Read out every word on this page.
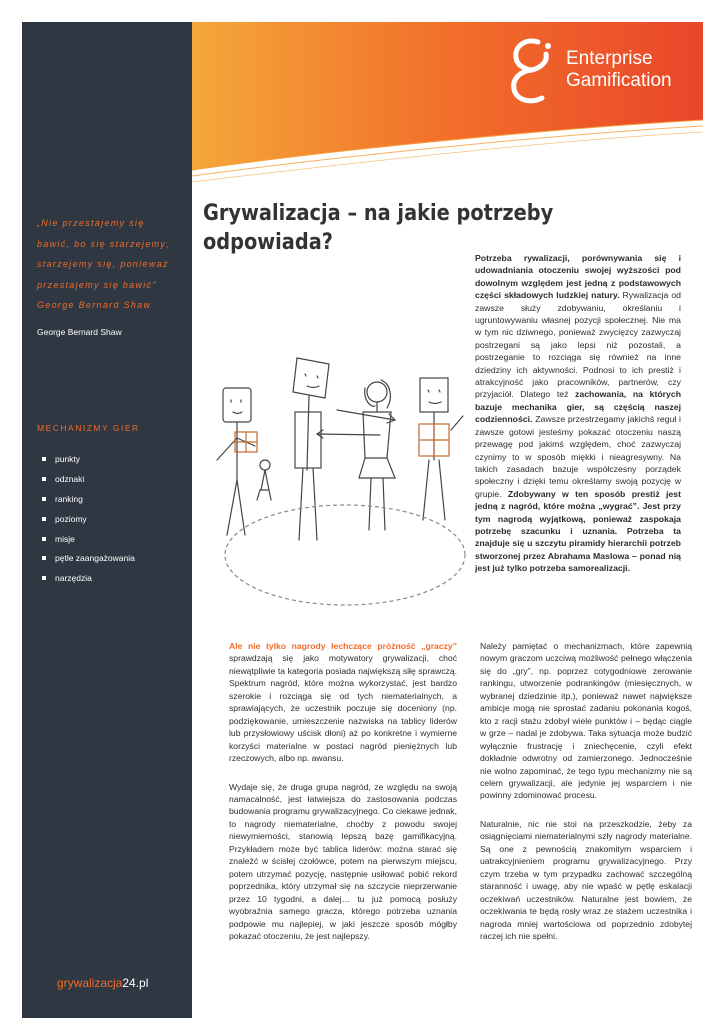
Enterprise
Gamification
„Nie przestajemy się
bawić, bo się starzejemy;
starzejemy się, ponieważ
przestajemy się bawić”
George Bernard Shaw
George Bernard Shaw
MECHANIZMY GIER
punkty
odznaki
ranking
poziomy
misje
pętle zaangażowania
narzędzia
grywalizacja24.pl
Grywalizacja – na jakie potrzeby
odpowiada?
Potrzeba rywalizacji, porównywania się i udowadniania otoczeniu swojej wyższości pod dowolnym względem jest jedną z podstawowych części składowych ludzkiej natury. Rywalizacja od zawsze służy zdobywaniu, określaniu i ugruntowywaniu własnej pozycji społecznej. Nie ma w tym nic dziwnego, ponieważ zwycięzcy zazwyczaj postrzegani są jako lepsi niż pozostali, a postrzeganie to rozciąga się również na inne dziedziny ich aktywności. Podnosi to ich prestiż i atrakcyjność jako pracowników, partnerów, czy przyjaciół. Dlatego też zachowania, na których bazuje mechanika gier, są częścią naszej codzienności. Zawsze przestrzegamy jakichś reguł i zawsze gotowi jesteśmy pokazać otoczeniu naszą przewagę pod jakimś względem, choć zazwyczaj czynimy to w sposób miękki i nieagresywny. Na takich zasadach bazuje współczesny porządek społeczny i dzięki temu określamy swoją pozycję w grupie. Zdobywany w ten sposób prestiż jest jedną z nagród, które można „wygrać”. Jest przy tym nagrodą wyjątkową, ponieważ zaspokaja potrzebę szacunku i uznania. Potrzeba ta znajduje się u szczytu piramidy hierarchii potrzeb stworzonej przez Abrahama Maslowa – ponad nią jest już tylko potrzeba samorealizacji.

Ale nie tylko nagrody łechczące próżność „graczy” sprawdzają się jako motywatory grywalizacji, choć niewątpliwie ta kategoria posiada największą siłę sprawczą. Spektrum nagród, które można wykorzystać, jest bardzo szerokie i rozciąga się od tych niematerialnych, a sprawiających, że uczestnik poczuje się doceniony (np. podziękowanie, umieszczenie nazwiska na tablicy liderów lub przysłowiowy uścisk dłoni) aż po konkretne i wymierne korzyści materialne w postaci nagród pieniężnych lub rzeczowych, albo np. awansu.

Wydaje się, że druga grupa nagród, ze względu na swoją namacalność, jest łatwiejsza do zastosowania podczas budowania programu grywalizacyjnego. Co ciekawe jednak, to nagrody niematerialne, choćby z powodu swojej niewymierności, stanowią lepszą bazę gamifikacyjną. Przykładem może być tablica liderów: można starać się znaleźć w ścisłej czołówce, potem na pierwszym miejscu, potem utrzymać pozycję, następnie usiłować pobić rekord poprzednika, który utrzymał się na szczycie nieprzerwanie przez 10 tygodni, a dalej… tu już pomocą posłuży wyobraźnia samego gracza, którego potrzeba uznania podpowie mu najlepiej, w jaki jeszcze sposób mógłby pokazać otoczeniu, że jest najlepszy.

Należy pamiętać o mechanizmach, które zapewnią nowym graczom uczciwą możliwość pełnego włączenia się do „gry”, np. poprzez cotygodniowe zerowanie rankingu, utworzenie podrankingów (miesięcznych, w wybranej dziedzinie itp.), ponieważ nawet największe ambicje mogą nie sprostać zadaniu pokonania kogoś, kto z racji stażu zdobył wiele punktów i – będąc ciągle w grze – nadal je zdobywa. Taka sytuacja może budzić wyłącznie frustrację i zniechęcenie, czyli efekt dokładnie odwrotny od zamierzonego. Jednocześnie nie wolno zapominać, że tego typu mechanizmy nie są celem grywalizacji, ale jedynie jej wsparciem i nie powinny zdominować procesu.

Naturalnie, nic nie stoi na przeszkodzie, żeby za osiągnięciami niematerialnymi szły nagrody materialne. Są one z pewnością znakomitym wsparciem i uatrakcyjnieniem programu grywalizacyjnego. Przy czym trzeba w tym przypadku zachować szczególną staranność i uwagę, aby nie wpaść w pętlę eskalacji oczekiwań uczestników. Naturalne jest bowiem, że oczekiwania te będą rosły wraz ze stażem uczestnika i nagroda mniej wartościowa od poprzednio zdobytej raczej ich nie spełni.
